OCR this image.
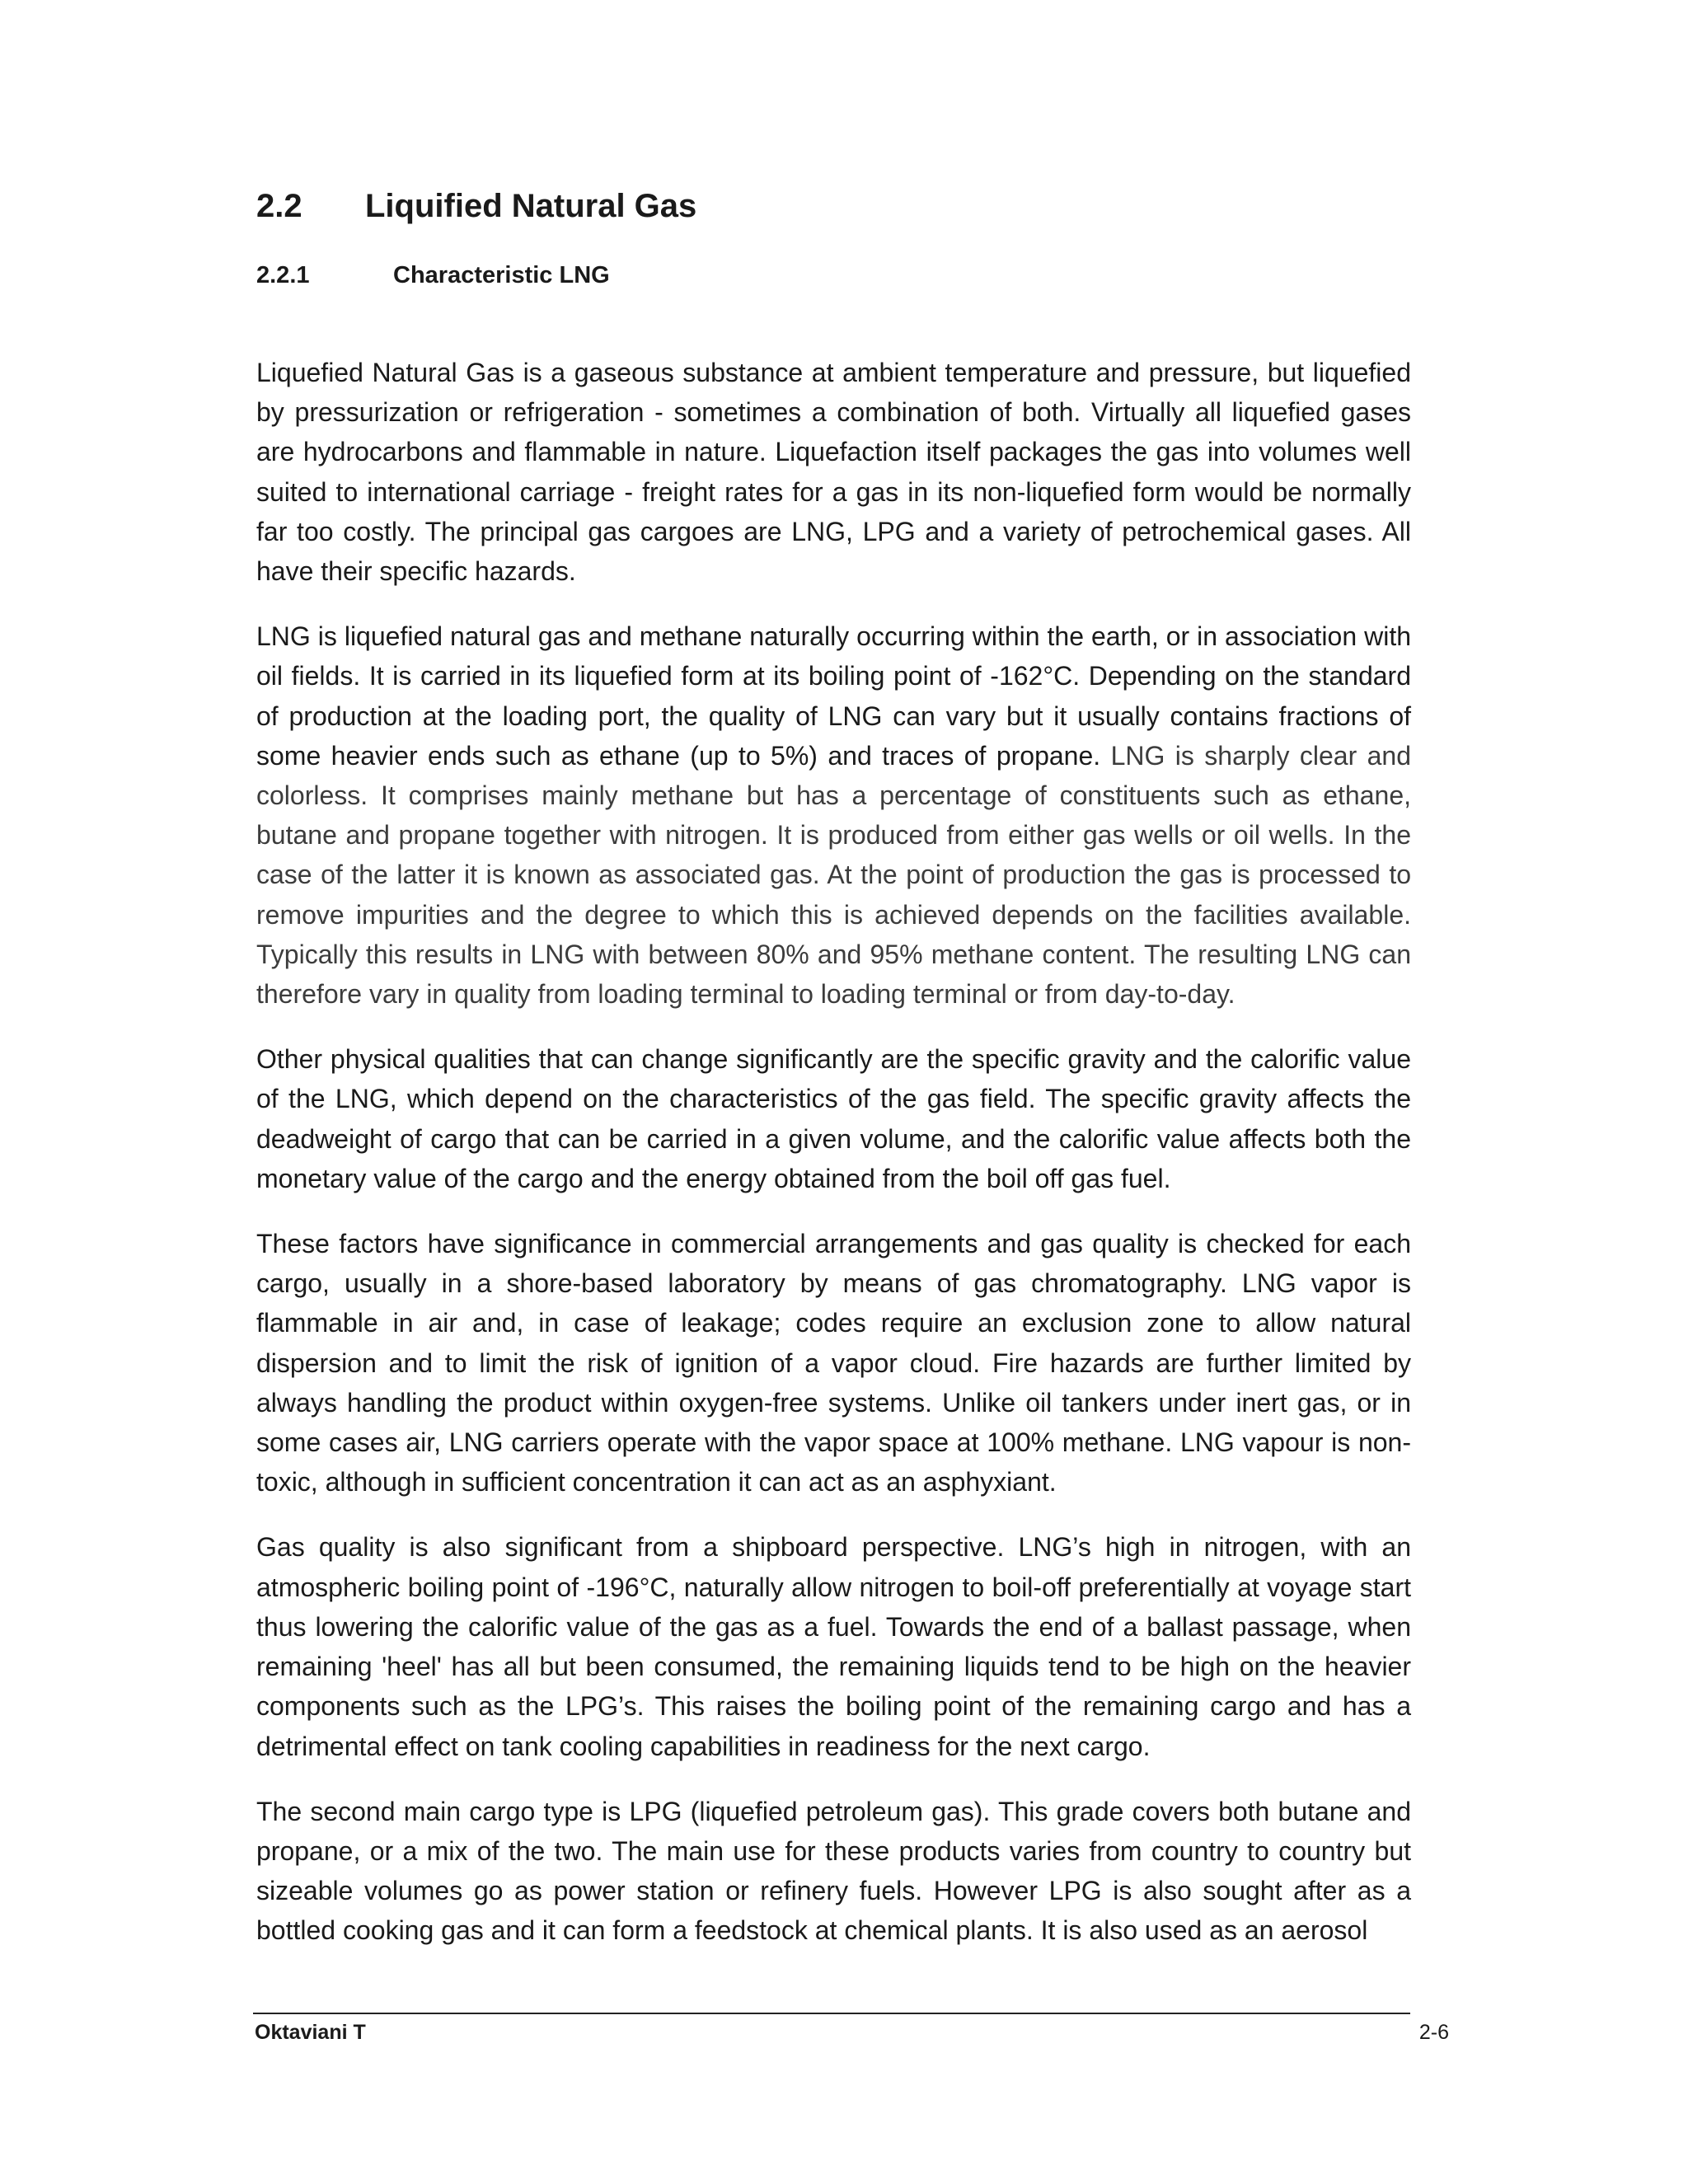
2.2 Liquified Natural Gas
2.2.1	Characteristic LNG

Liquefied Natural Gas is a gaseous substance at ambient temperature and pressure, but liquefied by pressurization or refrigeration - sometimes a combination of both. Virtually all liquefied gases are hydrocarbons and flammable in nature. Liquefaction itself packages the gas into volumes well suited to international carriage - freight rates for a gas in its non-liquefied form would be normally far too costly. The principal gas cargoes are LNG, LPG and a variety of petrochemical gases. All have their specific hazards.

LNG is liquefied natural gas and methane naturally occurring within the earth, or in association with oil fields. It is carried in its liquefied form at its boiling point of -162°C. Depending on the standard of production at the loading port, the quality of LNG can vary but it usually contains fractions of some heavier ends such as ethane (up to 5%) and traces of propane. LNG is sharply clear and colorless. It comprises mainly methane but has a percentage of constituents such as ethane, butane and propane together with nitrogen. It is produced from either gas wells or oil wells. In the case of the latter it is known as associated gas. At the point of production the gas is processed to remove impurities and the degree to which this is achieved depends on the facilities available. Typically this results in LNG with between 80% and 95% methane content. The resulting LNG can therefore vary in quality from loading terminal to loading terminal or from day-to-day.

Other physical qualities that can change significantly are the specific gravity and the calorific value of the LNG, which depend on the characteristics of the gas field. The specific gravity affects the deadweight of cargo that can be carried in a given volume, and the calorific value affects both the monetary value of the cargo and the energy obtained from the boil off gas fuel.

These factors have significance in commercial arrangements and gas quality is checked for each cargo, usually in a shore-based laboratory by means of gas chromatography. LNG vapor is flammable in air and, in case of leakage; codes require an exclusion zone to allow natural dispersion and to limit the risk of ignition of a vapor cloud. Fire hazards are further limited by always handling the product within oxygen-free systems. Unlike oil tankers under inert gas, or in some cases air, LNG carriers operate with the vapor space at 100% methane. LNG vapour is non-toxic, although in sufficient concentration it can act as an asphyxiant.

Gas quality is also significant from a shipboard perspective. LNG’s high in nitrogen, with an atmospheric boiling point of -196°C, naturally allow nitrogen to boil-off preferentially at voyage start thus lowering the calorific value of the gas as a fuel. Towards the end of a ballast passage, when remaining 'heel' has all but been consumed, the remaining liquids tend to be high on the heavier components such as the LPG’s. This raises the boiling point of the remaining cargo and has a detrimental effect on tank cooling capabilities in readiness for the next cargo.

The second main cargo type is LPG (liquefied petroleum gas). This grade covers both butane and propane, or a mix of the two. The main use for these products varies from country to country but sizeable volumes go as power station or refinery fuels. However LPG is also sought after as a bottled cooking gas and it can form a feedstock at chemical plants. It is also used as an aerosol

Oktaviani T	2-6
